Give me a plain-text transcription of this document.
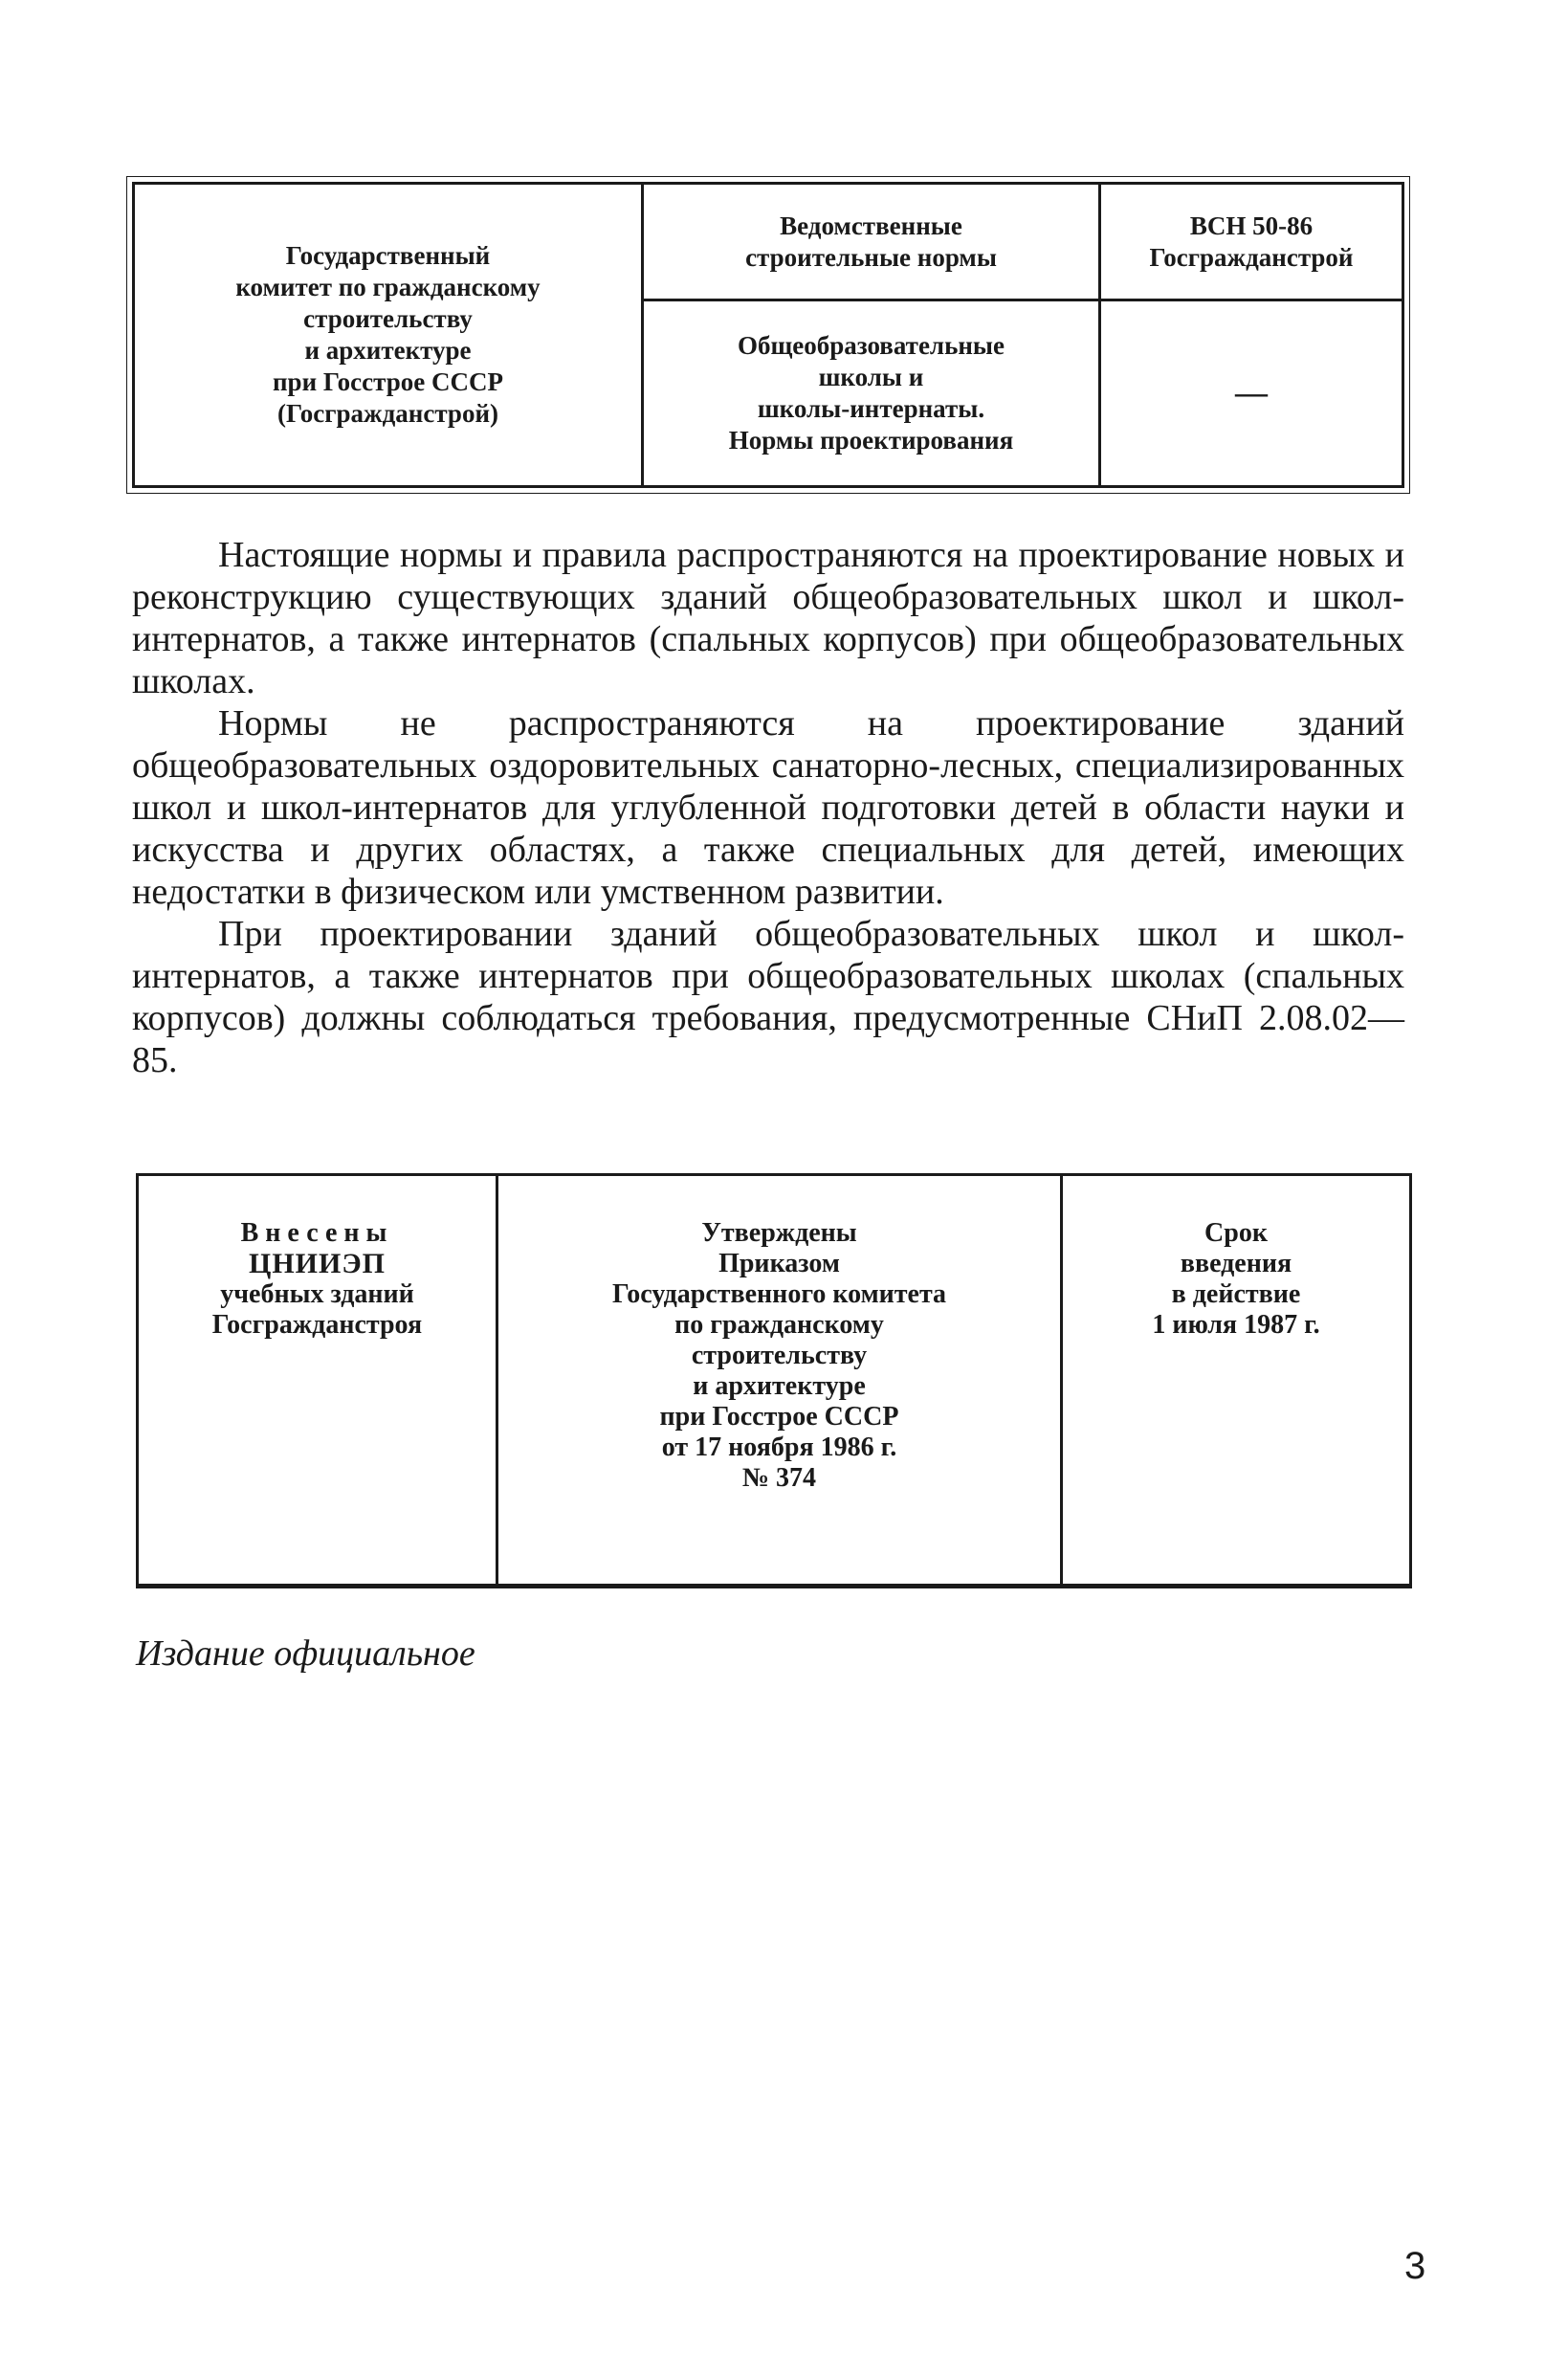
Государственный
комитет по гражданскому
строительству
и архитектуре
при Госстрое СССР
(Госгражданстрой)
Ведомственные
строительные нормы
Общеобразовательные
школы и
школы-интернаты.
Нормы проектирования
ВСН 50-86
Госгражданстрой
—

Настоящие нормы и правила распространяются на проектирование новых и реконструкцию существующих зданий общеобразовательных школ и школ-интернатов, а также интернатов (спальных корпусов) при общеобразовательных школах.

Нормы не распространяются на проектирование зданий общеобразовательных оздоровительных санаторно-лесных, специализированных школ и школ-интернатов для углубленной подготовки детей в области науки и искусства и других областях, а также специальных для детей, имеющих недостатки в физическом или умственном развитии.

При проектировании зданий общеобразовательных школ и школ-интернатов, а также интернатов при общеобразовательных школах (спальных корпусов) должны соблюдаться требования, предусмотренные СНиП 2.08.02—85.

Внесены
ЦНИИЭП
учебных зданий
Госгражданстроя
Утверждены
Приказом
Государственного комитета
по гражданскому
строительству
и архитектуре
при Госстрое СССР
от 17 ноября 1986 г.
№ 374
Срок
введения
в действие
1 июля 1987 г.
Издание официальное
3
